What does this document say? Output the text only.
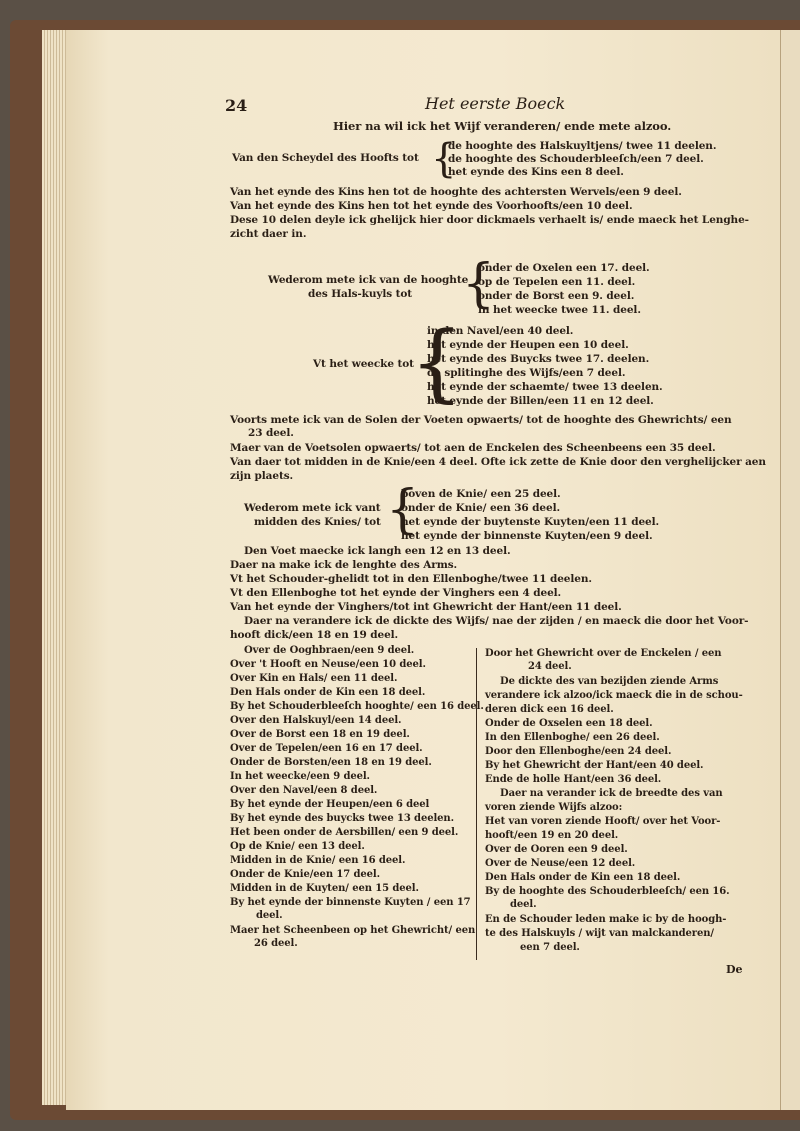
24	Het eerste Boeck
Hier na wil ick het Wijf veranderen/ ende mete alzoo.
Van den Scheydel des Hoofts tot {
de hooghte des Halskuyltjens/ twee 11 deelen.
de hooghte des Schouderbleeſch/een 7 deel.
het eynde des Kins een 8 deel.
Van het eynde des Kins hen tot de hooghte des achtersten Wervels/een 9 deel.
Van het eynde des Kins hen tot het eynde des Voorhoofts/een 10 deel.
Dese 10 delen deyle ick ghelijck hier door dickmaels verhaelt is/ ende maeck het Lenghe-
zicht daer in.
Wederom mete ick van de hooghte
des Hals-kuyls tot {
onder de Oxelen een 17. deel.
op de Tepelen een 11. deel.
onder de Borst een 9. deel.
in het weecke twee 11. deel.
Vt het weecke tot
{
in den Navel/een 40 deel.
het eynde der Heupen een 10 deel.
het eynde des Buycks twee 17. deelen.
de splitinghe des Wijfs/een 7 deel.
het eynde der schaemte/ twee 13 deelen.
het eynde der Billen/een 11 en 12 deel.
Voorts mete ick van de Solen der Voeten opwaerts/ tot de hooghte des Ghewrichts/ een
23 deel.
Maer van de Voetsolen opwaerts/ tot aen de Enckelen des Scheenbeens een 35 deel.
Van daer tot midden in de Knie/een 4 deel. Ofte ick zette de Knie door den verghelijcker aen
zijn plaets.
Wederom mete ick vant
midden des Knies/ tot {
boven de Knie/ een 25 deel.
onder de Knie/ een 36 deel.
het eynde der buytenste Kuyten/een 11 deel.
het eynde der binnenste Kuyten/een 9 deel.
Den Voet maecke ick langh een 12 en 13 deel.
Daer na make ick de lenghte des Arms.
Vt het Schouder-ghelidt tot in den Ellenboghe/twee 11 deelen.
Vt den Ellenboghe tot het eynde der Vinghers een 4 deel.
Van het eynde der Vinghers/tot int Ghewricht der Hant/een 11 deel.
Daer na verandere ick de dickte des Wijfs/ nae der zijden / en maeck die door het Voor-
hooft dick/een 18 en 19 deel.
Over de Ooghbraen/een 9 deel.
Over 't Hooft en Neuse/een 10 deel.
Over Kin en Hals/ een 11 deel.
Den Hals onder de Kin een 18 deel.
By het Schouderbleeſch hooghte/ een 16 deel.
Over den Halskuyl/een 14 deel.
Over de Borst een 18 en 19 deel.
Over de Tepelen/een 16 en 17 deel.
Onder de Borsten/een 18 en 19 deel.
In het weecke/een 9 deel.
Over den Navel/een 8 deel.
By het eynde der Heupen/een 6 deel
By het eynde des buycks twee 13 deelen.
Het been onder de Aersbillen/ een 9 deel.
Op de Knie/ een 13 deel.
Midden in de Knie/ een 16 deel.
Onder de Knie/een 17 deel.
Midden in de Kuyten/ een 15 deel.
By het eynde der binnenste Kuyten / een 17
deel.
Maer het Scheenbeen op het Ghewricht/ een
26 deel.
Door het Ghewricht over de Enckelen / een
24 deel.
De dickte des van bezijden ziende Arms
verandere ick alzoo/ick maeck die in de schou-
deren dick een 16 deel.
Onder de Oxselen een 18 deel.
In den Ellenboghe/ een 26 deel.
Door den Ellenboghe/een 24 deel.
By het Ghewricht der Hant/een 40 deel.
Ende de holle Hant/een 36 deel.
Daer na verander ick de breedte des van
voren ziende Wijfs alzoo:
Het van voren ziende Hooft/ over het Voor-
hooft/een 19 en 20 deel.
Over de Ooren een 9 deel.
Over de Neuse/een 12 deel.
Den Hals onder de Kin een 18 deel.
By de hooghte des Schouderbleeſch/ een 16.
deel.
En de Schouder leden make ic by de hoogh-
te des Halskuyls / wijt van malckanderen/
een 7 deel.
De
